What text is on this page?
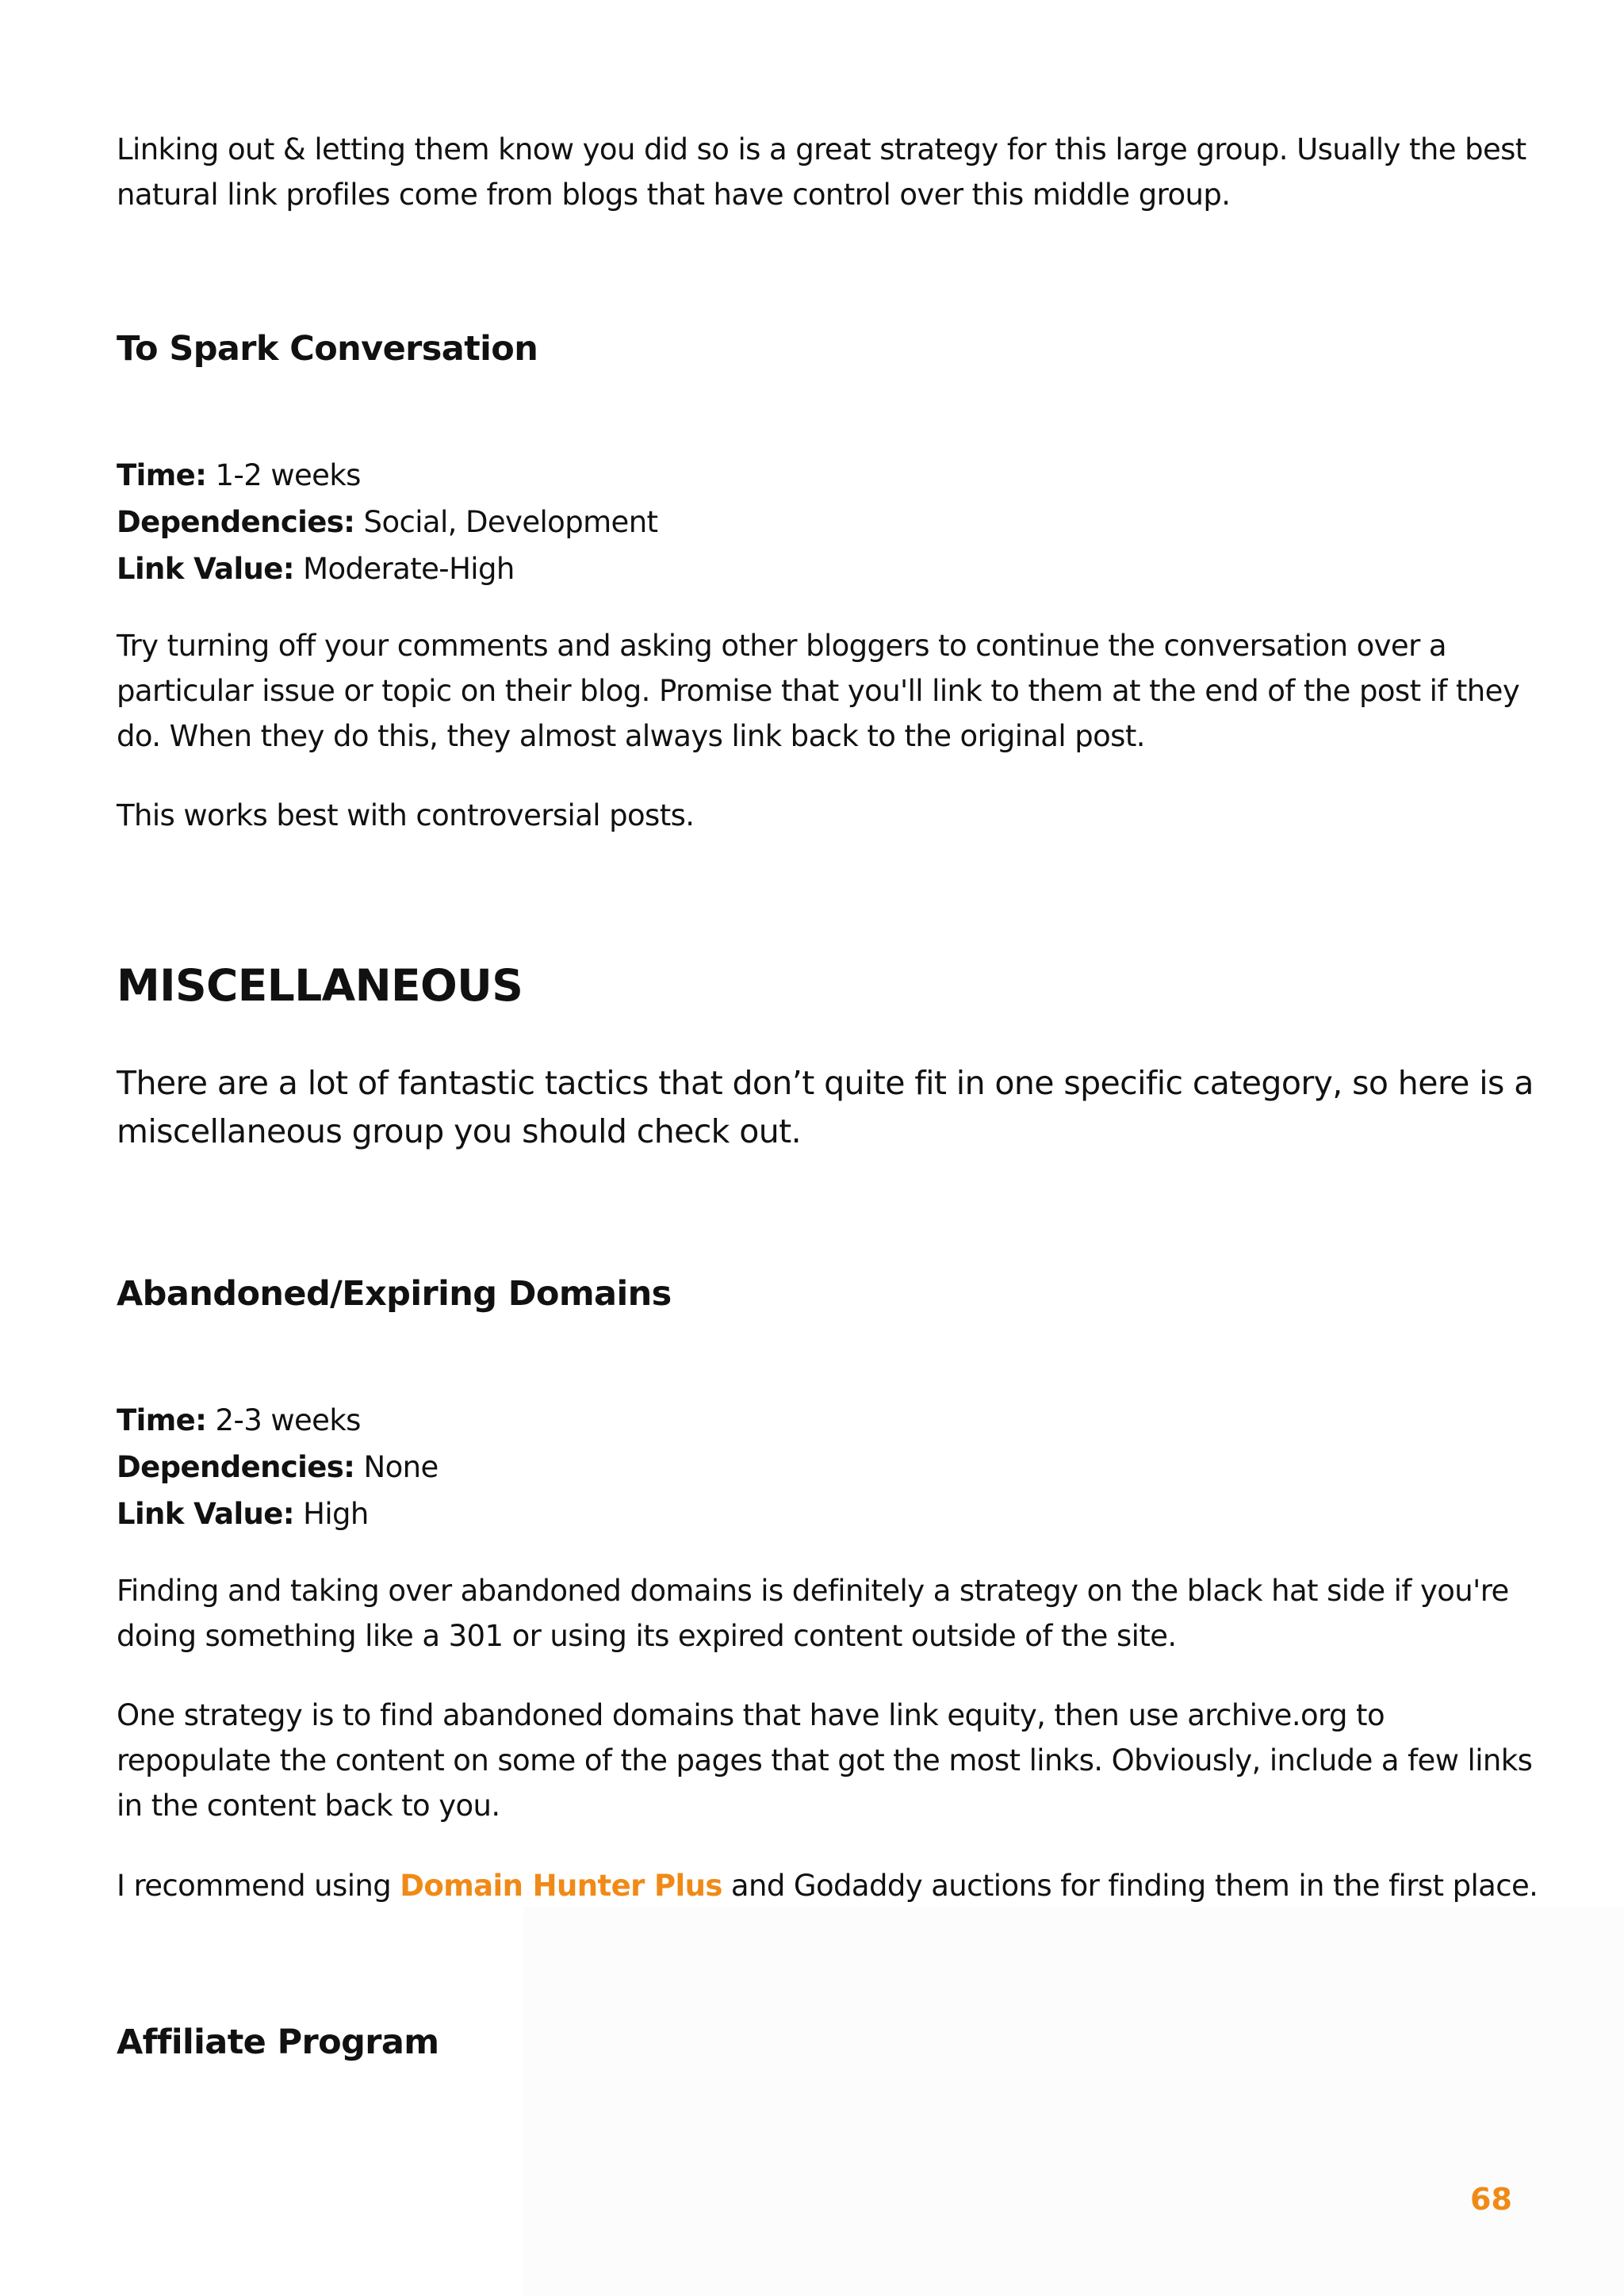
Linking out & letting them know you did so is a great strategy for this large group. Usually the best
natural link profiles come from blogs that have control over this middle group.

To Spark Conversation
Time: 1-2 weeks
Dependencies: Social, Development
Link Value: Moderate-High

Try turning off your comments and asking other bloggers to continue the conversation over a
particular issue or topic on their blog. Promise that you'll link to them at the end of the post if they
do. When they do this, they almost always link back to the original post.

This works best with controversial posts.

MISCELLANEOUS

There are a lot of fantastic tactics that don’t quite fit in one specific category, so here is a
miscellaneous group you should check out.

Abandoned/Expiring Domains
Time: 2-3 weeks
Dependencies: None
Link Value: High

Finding and taking over abandoned domains is definitely a strategy on the black hat side if you're
doing something like a 301 or using its expired content outside of the site.

One strategy is to find abandoned domains that have link equity, then use archive.org to
repopulate the content on some of the pages that got the most links. Obviously, include a few links
in the content back to you.

I recommend using Domain Hunter Plus and Godaddy auctions for finding them in the first place.

Affiliate Program
68
